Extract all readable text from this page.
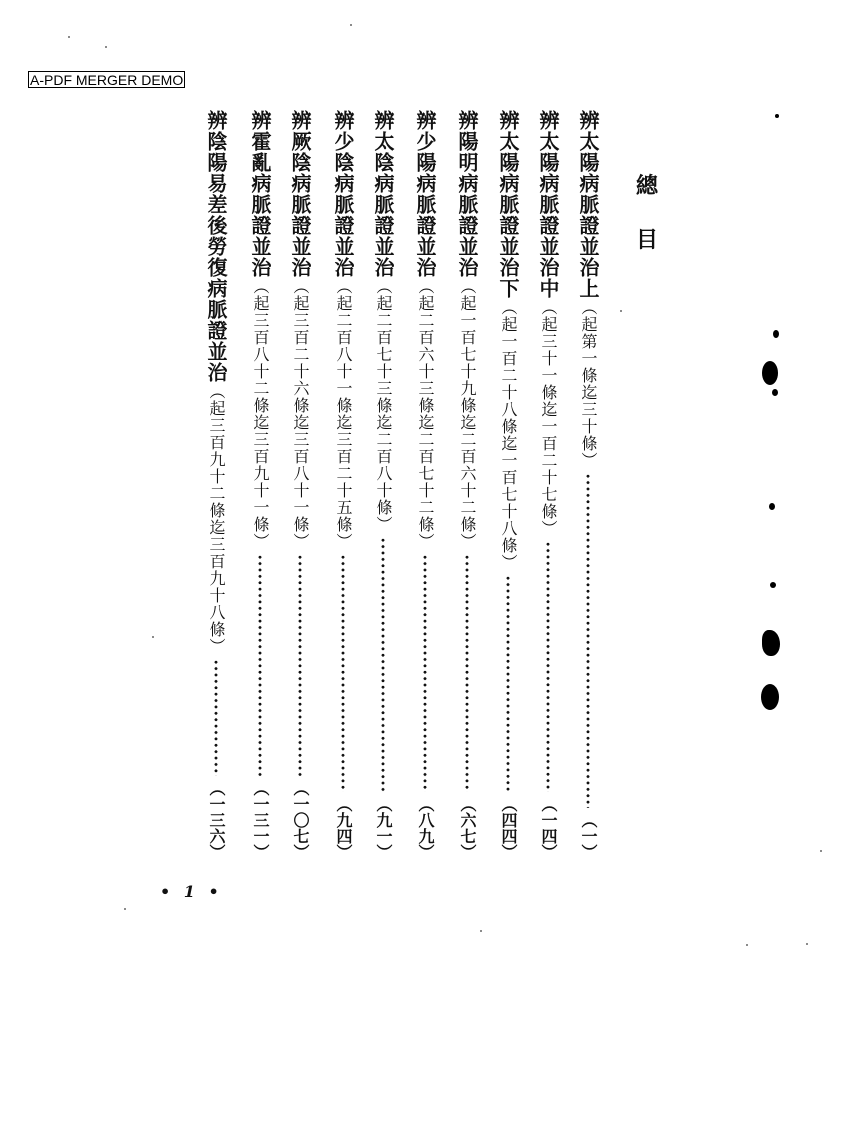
A-PDF MERGER DEMO
總
目
辨太陽病脈證並治上
（起第一條迄三十條）
（一）
辨太陽病脈證並治中
（起三十一條迄一百二十七條）
（一四）
辨太陽病脈證並治下
（起一百二十八條迄一百七十八條）
（四四）
辨陽明病脈證並治
（起一百七十九條迄二百六十二條）
（六七）
辨少陽病脈證並治
（起二百六十三條迄二百七十二條）
（八九）
辨太陰病脈證並治
（起二百七十三條迄二百八十條）
（九一）
辨少陰病脈證並治
（起二百八十一條迄三百二十五條）
（九四）
辨厥陰病脈證並治
（起三百二十六條迄三百八十一條）
（一〇七）
辨霍亂病脈證並治
（起三百八十二條迄三百九十一條）
（一三一）
辨陰陽易差後勞復病脈證並治
（起三百九十二條迄三百九十八條）
（一三六）
• 1 •
